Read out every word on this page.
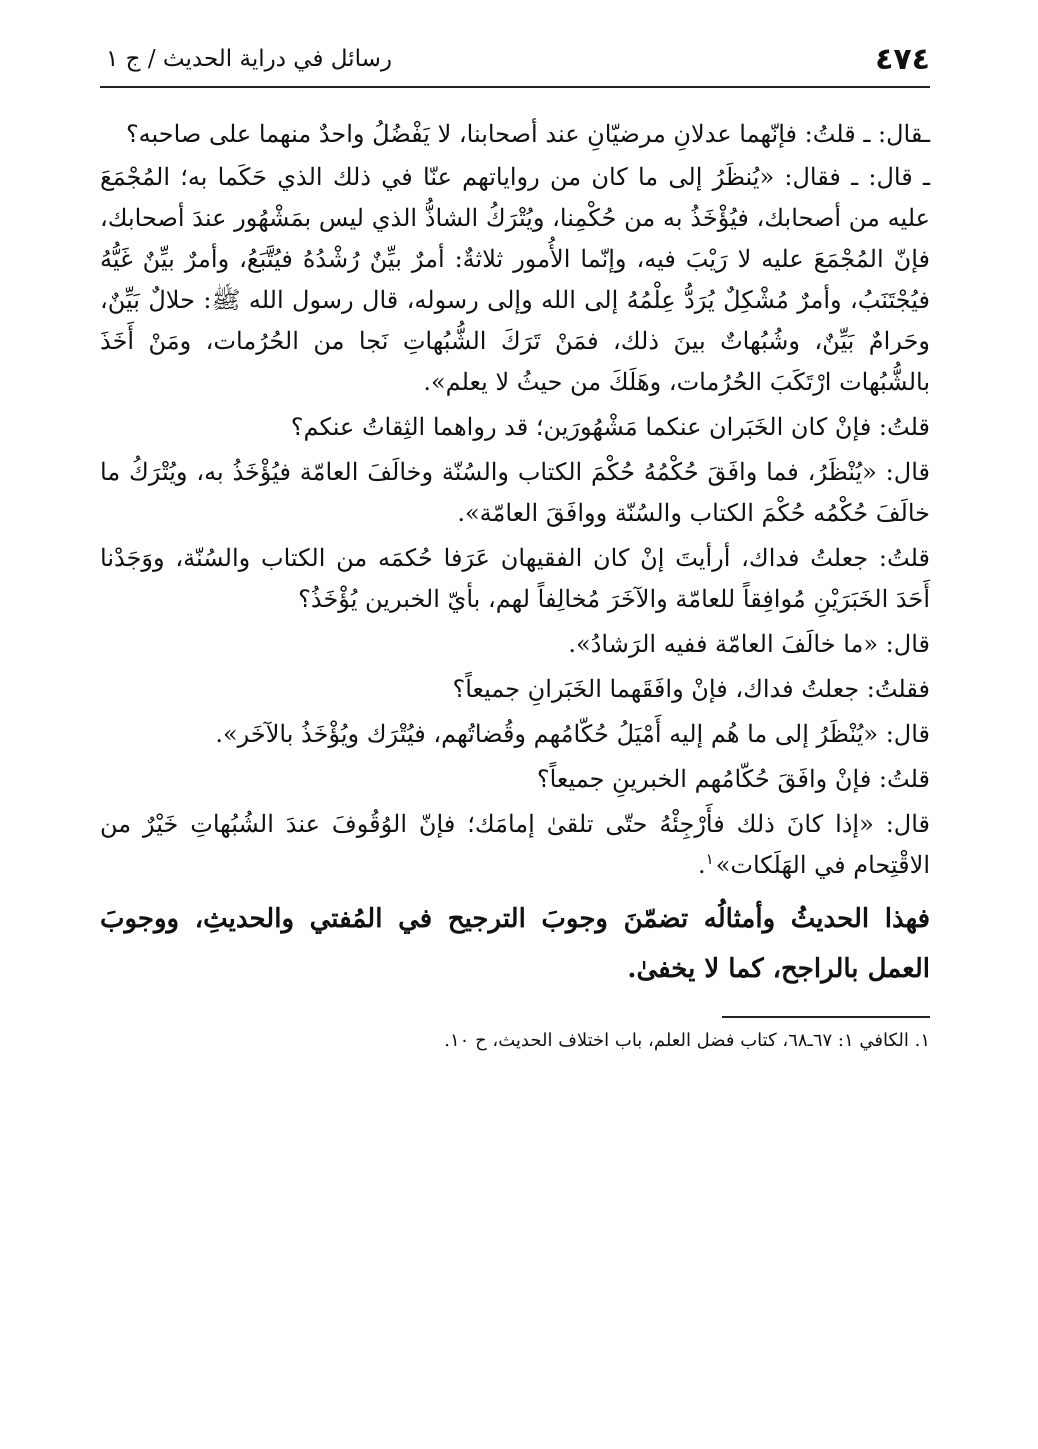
٤٧٤
رسائل في دراية الحديث / ج ١

ـقال: ـ قلتُ: فإنّهما عدلانِ مرضيّانِ عند أصحابنا، لا يَفْضُلُ واحدٌ منهما على صاحبه؟

ـ قال: ـ فقال: «يُنظَرُ إلى ما كان من رواياتهم عنّا في ذلك الذي حَكَما به؛ المُجْمَعَ عليه من أصحابك، فيُؤْخَذُ به من حُكْمِنا، ويُتْرَكُ الشاذُّ الذي ليس بمَشْهُور عندَ أصحابك، فإنّ المُجْمَعَ عليه لا رَيْبَ فيه، وإنّما الأُمور ثلاثةٌ: أمرٌ بيِّنٌ رُشْدُهُ فيُتَّبَعُ، وأمرٌ بيِّنٌ غَيُّهُ فيُجْتَنَبُ، وأمرٌ مُشْكِلٌ يُرَدُّ عِلْمُهُ إلى الله وإلى رسوله، قال رسول الله ﷺ: حلالٌ بَيِّنٌ، وحَرامٌ بَيِّنٌ، وشُبُهاتٌ بينَ ذلك، فمَنْ تَرَكَ الشُّبُهاتِ نَجا من الحُرُمات، ومَنْ أَخَذَ بالشُّبُهات ارْتَكَبَ الحُرُمات، وهَلَكَ من حيثُ لا يعلم».

قلتُ: فإنْ كان الخَبَران عنكما مَشْهُورَين؛ قد رواهما الثِقاتُ عنكم؟

قال: «يُنْظَرُ، فما وافَقَ حُكْمُهُ حُكْمَ الكتاب والسُنّة وخالَفَ العامّة فيُؤْخَذُ به، ويُتْرَكُ ما خالَفَ حُكْمُه حُكْمَ الكتاب والسُنّة ووافَقَ العامّة».

قلتُ: جعلتُ فداك، أرأيتَ إنْ كان الفقيهان عَرَفا حُكمَه من الكتاب والسُنّة، ووَجَدْنا أَحَدَ الخَبَرَيْنِ مُوافِقاً للعامّة والآخَرَ مُخالِفاً لهم، بأيّ الخبرين يُؤْخَذُ؟

قال: «ما خالَفَ العامّة ففيه الرَشادُ».

فقلتُ: جعلتُ فداك، فإنْ وافَقَهما الخَبَرانِ جميعاً؟

قال: «يُنْظَرُ إلى ما هُم إليه أَمْيَلُ حُكّامُهم وقُضاتُهم، فيُتْرَك ويُؤْخَذُ بالآخَر».

قلتُ: فإنْ وافَقَ حُكّامُهم الخبرينِ جميعاً؟

قال: «إذا كانَ ذلك فأَرْجِئْهُ حتّى تلقىٰ إمامَك؛ فإنّ الوُقُوفَ عندَ الشُبُهاتِ خَيْرٌ من الاقْتِحام في الهَلَكات»$^١$.

فهذا الحديثُ وأمثالُه تضمّنَ وجوبَ الترجيح في المُفتي والحديثِ، ووجوبَ العمل بالراجح، كما لا يخفىٰ.

١. الكافي ١: ٦٧ـ٦٨، كتاب فضل العلم، باب اختلاف الحديث، ح ١٠.
